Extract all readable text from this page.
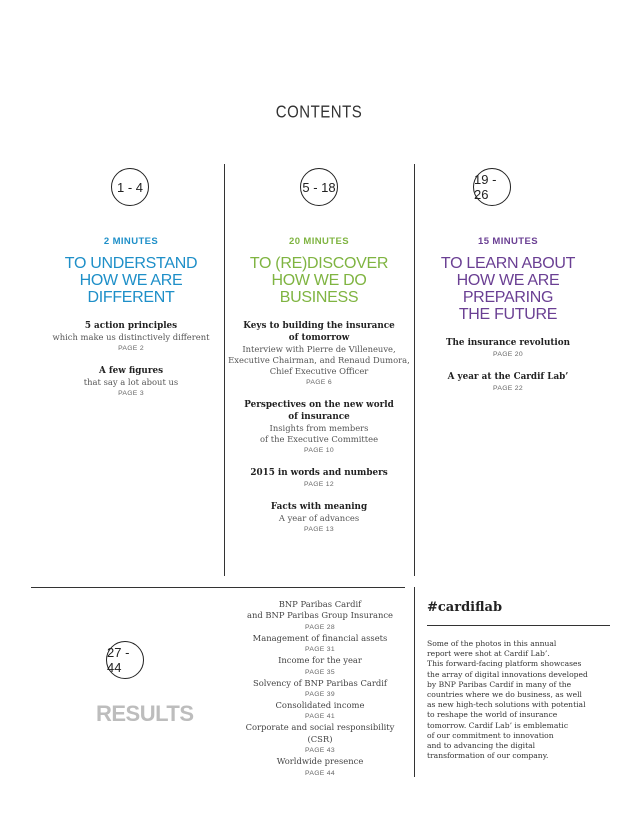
CONTENTS
1 - 4	5 - 18	19 - 26
2 MINUTES
TO UNDERSTAND
HOW WE ARE
DIFFERENT
5 action principles
which make us distinctively different
PAGE 2
A few figures
that say a lot about us
PAGE 3
20 MINUTES
TO (RE)DISCOVER
HOW WE DO
BUSINESS
Keys to building the insurance
of tomorrow
Interview with Pierre de Villeneuve,
Executive Chairman, and Renaud Dumora,
Chief Executive Officer
PAGE 6
Perspectives on the new world
of insurance
Insights from members
of the Executive Committee
PAGE 10
2015 in words and numbers
PAGE 12
Facts with meaning
A year of advances
PAGE 13
15 MINUTES
TO LEARN ABOUT
HOW WE ARE PREPARING
THE FUTURE
The insurance revolution
PAGE 20
A year at the Cardif Lab’
PAGE 22
27 - 44
RESULTS
BNP Paribas Cardif
and BNP Paribas Group Insurance
PAGE 28
Management of financial assets
PAGE 31
Income for the year
PAGE 35
Solvency of BNP Paribas Cardif
PAGE 39
Consolidated income
PAGE 41
Corporate and social responsibility (CSR)
PAGE 43
Worldwide presence
PAGE 44
#cardiflab
Some of the photos in this annual
report were shot at Cardif Lab’.
This forward-facing platform showcases
the array of digital innovations developed
by BNP Paribas Cardif in many of the
countries where we do business, as well
as new high-tech solutions with potential
to reshape the world of insurance
tomorrow. Cardif Lab’ is emblematic
of our commitment to innovation
and to advancing the digital
transformation of our company.
